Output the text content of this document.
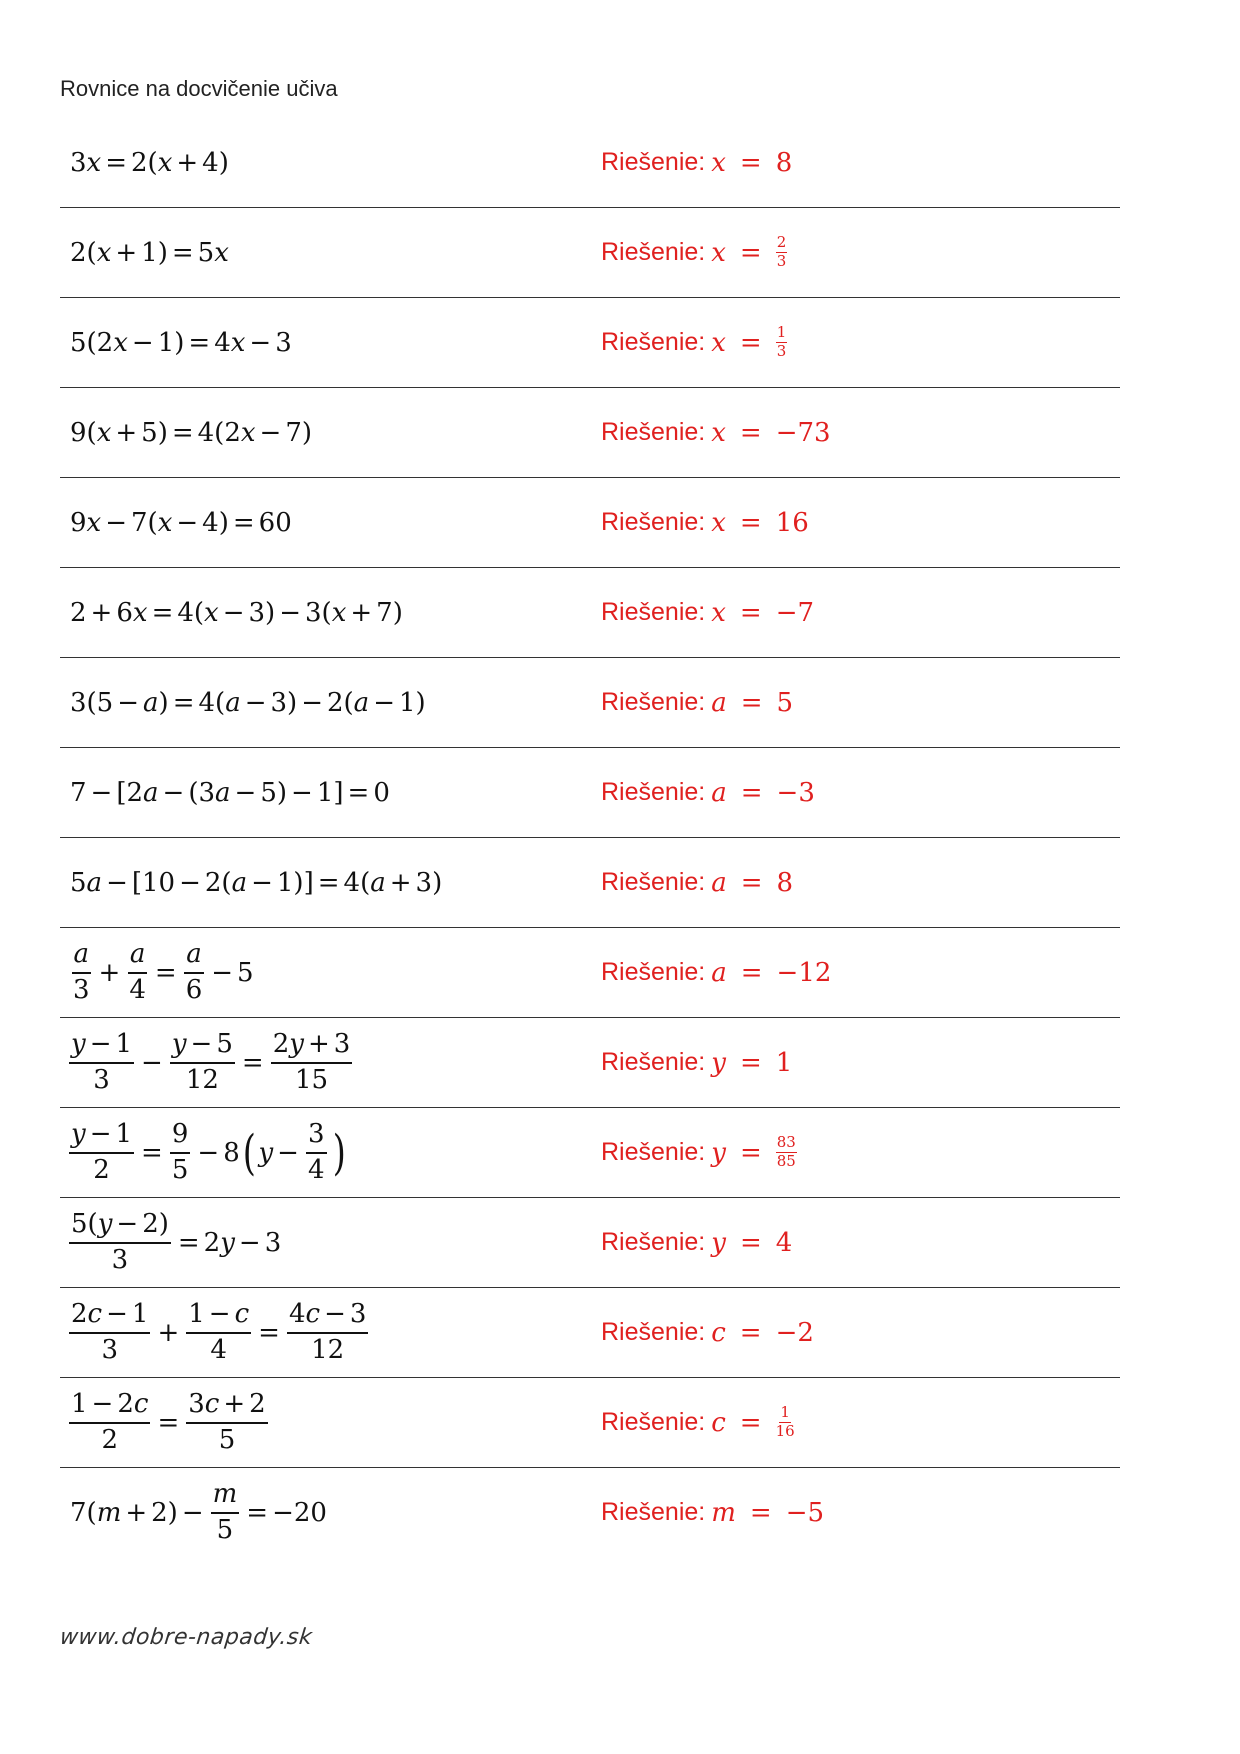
Rovnice na docvičenie učiva
3 x = 2( x + 4)	Riešenie: x = 8
2( x + 1) = 5 x	Riešenie: $x = \frac{2}{3}$
5(2 x − 1) = 4 x − 3	Riešenie: $x = \frac{1}{3}$
9( x + 5) = 4(2 x − 7)	Riešenie: x = −73
9 x − 7( x − 4) = 60	Riešenie: x = 16
2 + 6 x = 4( x − 3) − 3( x + 7)	Riešenie: x = −7
3(5 − a ) = 4( a − 3) − 2( a − 1)	Riešenie: a = 5
7 − [2 a − (3 a − 5) − 1] = 0	Riešenie: a = −3
5 a − [10 − 2( a − 1)] = 4( a + 3)	Riešenie: a = 8
$\frac{a}{3} + \frac{a}{4} = \frac{a}{6} - 5$	Riešenie: a = −12
$\frac{y - 1}{3} - \frac{y - 5}{12} = \frac{2y + 3}{15}$	Riešenie: y = 1
$\frac{y - 1}{2} = \frac{9}{5} - 8$ ( $y - \frac{3}{4}$ )	Riešenie: $y = \frac{83}{85}$
$\frac{5(y - 2)}{3} = 2$ y − 3	Riešenie: y = 4
$\frac{2c - 1}{3} + \frac{1 - c}{4} = \frac{4c - 3}{12}$	Riešenie: c = −2
$\frac{1 - 2c}{2} = \frac{3c + 2}{5}$	Riešenie: $c = \frac{1}{16}$
7( $m + 2) - \frac{m}{5} = -20$	Riešenie: m = −5
www.dobre-napady.sk
